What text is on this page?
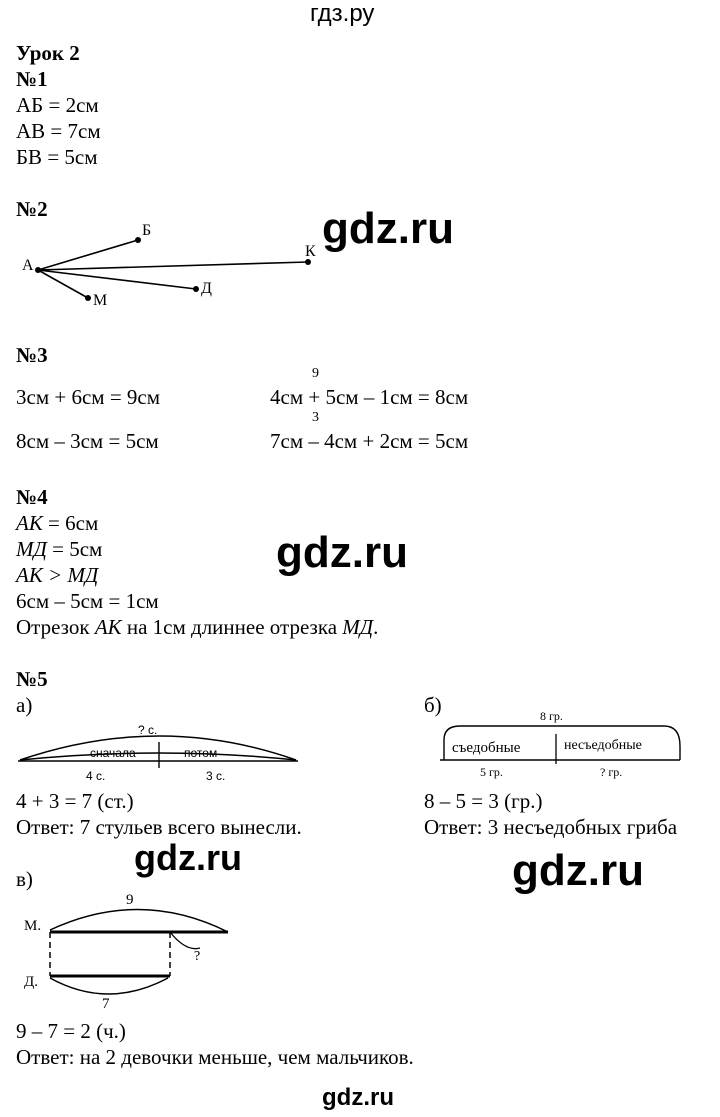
гдз.ру
Урок 2
№1
АБ = 2см
АВ = 7см
БВ = 5см
№2	gdz.ru
А
Б
К
Д
М
№3
9
3см + 6см = 9см	4см + 5см – 1см = 8см
3
8см – 3см = 5см	7см – 4см + 2см = 5см
№4
АК = 6см
МД = 5см
АК > МД
6см – 5см = 1см
Отрезок АК на 1см длиннее отрезка МД.
gdz.ru
№5
а)
? с.
сначала	потом
4 с.	3 с.
4 + 3 = 7 (ст.)
Ответ: 7 стульев всего вынесли.
б)	8 гр.
съедобные	несъедобные
5 гр.	? гр.
8 – 5 = 3 (гр.)
Ответ: 3 несъедобных гриба
gdz.ru	gdz.ru
в)
9
М.
Д.
?
7
9 – 7 = 2 (ч.)
Ответ: на 2 девочки меньше, чем мальчиков.
gdz.ru
